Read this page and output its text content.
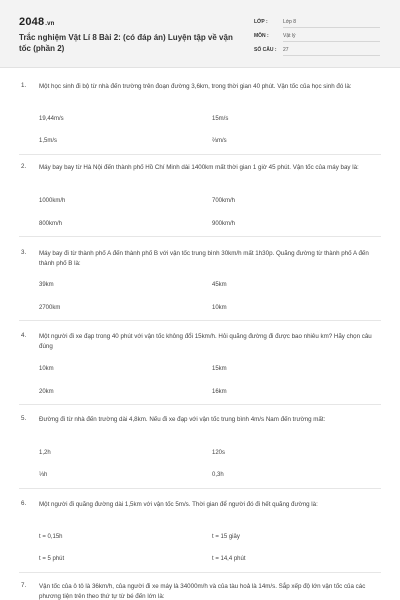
2048.vn
Trắc nghiệm Vật Lí 8 Bài 2: (có đáp án) Luyện tập về vận tốc (phần 2)
LỚP :	Lớp 8
MÔN :	Vật lý
SỐ CÂU : 27
1. Một học sinh đi bộ từ nhà đến trường trên đoạn đường 3,6km, trong thời gian 40 phút. Vận tốc của học sinh đó là:
19,44m/s	15m/s
1,5m/s	⅔m/s
2. Máy bay bay từ Hà Nội đến thành phố Hồ Chí Minh dài 1400km mất thời gian 1 giờ 45 phút. Vận tốc của máy bay là:
1000km/h	700km/h
800km/h	900km/h
3. Máy bay đi từ thành phố A đến thành phố B với vận tốc trung bình 30km/h mất 1h30p. Quãng đường từ thành phố A đến thành phố B là:
39km	45km
2700km	10km
4. Một người đi xe đạp trong 40 phút với vận tốc không đổi 15km/h. Hỏi quãng đường đi được bao nhiêu km? Hãy chọn câu đúng
10km	15km
20km	16km
5. Đường đi từ nhà đến trường dài 4,8km. Nếu đi xe đạp với vận tốc trung bình 4m/s Nam đến trường mất:
1,2h	120s
⅓h	0,3h
6. Một người đi quãng đường dài 1,5km với vận tốc 5m/s. Thời gian để người đó đi hết quãng đường là:
t = 0,15h	t = 15 giây
t = 5 phút	t = 14,4 phút
7. Vận tốc của ô tô là 36km/h, của người đi xe máy là 34000m/h và của tàu hoả là 14m/s. Sắp xếp độ lớn vận tốc của các phương tiện trên theo thứ tự từ bé đến lớn là:
